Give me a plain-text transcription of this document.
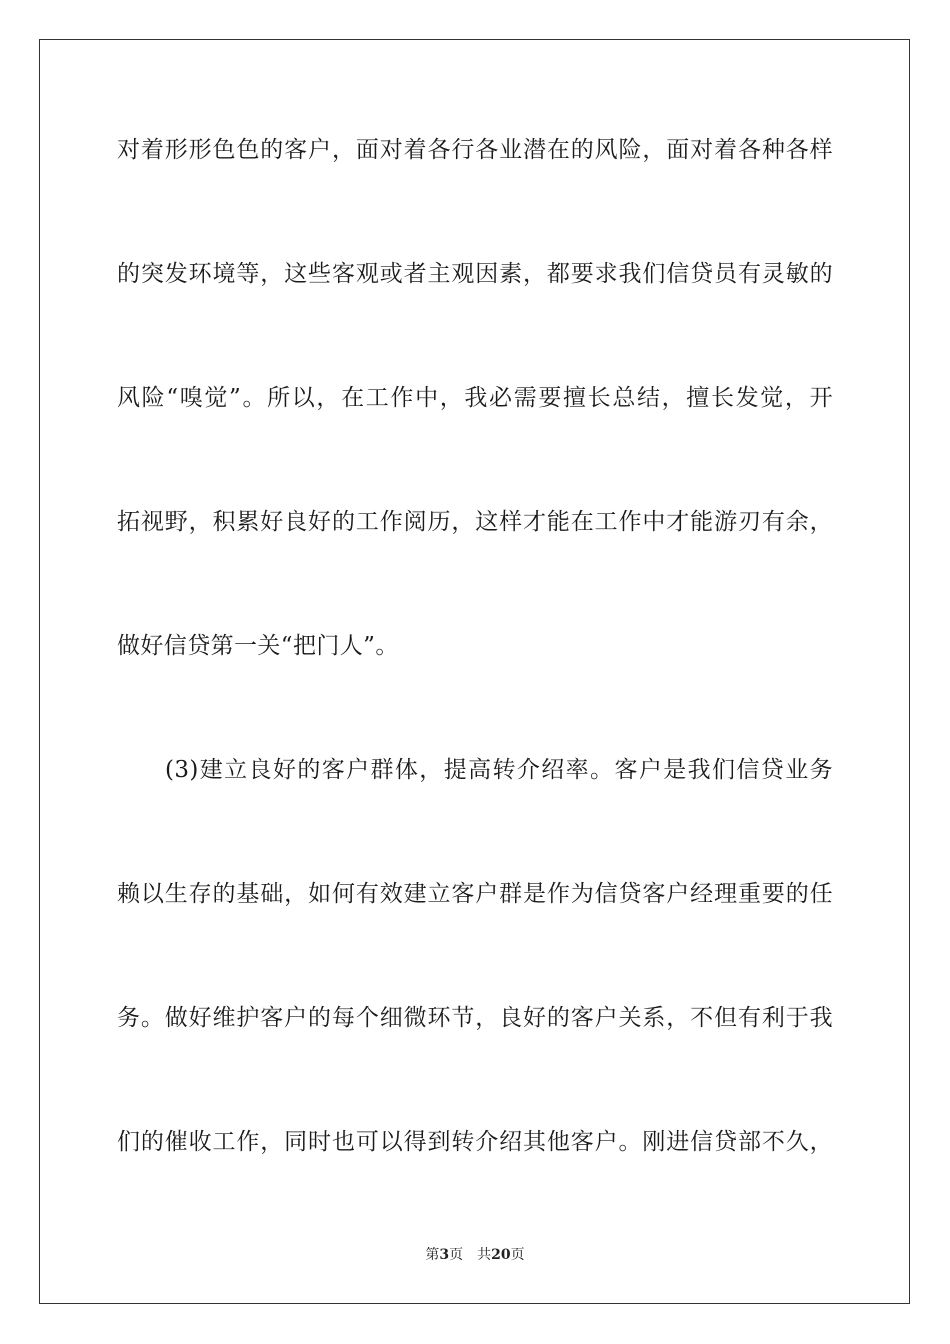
对着形形色色的客户，面对着各行各业潜在的风险，面对着各种各样
的突发环境等，这些客观或者主观因素，都要求我们信贷员有灵敏的
风险“嗅觉”。所以，在工作中，我必需要擅长总结，擅长发觉，开
拓视野，积累好良好的工作阅历，这样才能在工作中才能游刃有余，
做好信贷第一关“把门人”。
(3)建立良好的客户群体，提高转介绍率。客户是我们信贷业务
赖以生存的基础，如何有效建立客户群是作为信贷客户经理重要的任
务。做好维护客户的每个细微环节，良好的客户关系，不但有利于我
们的催收工作，同时也可以得到转介绍其他客户。刚进信贷部不久，
第3页 共20页
